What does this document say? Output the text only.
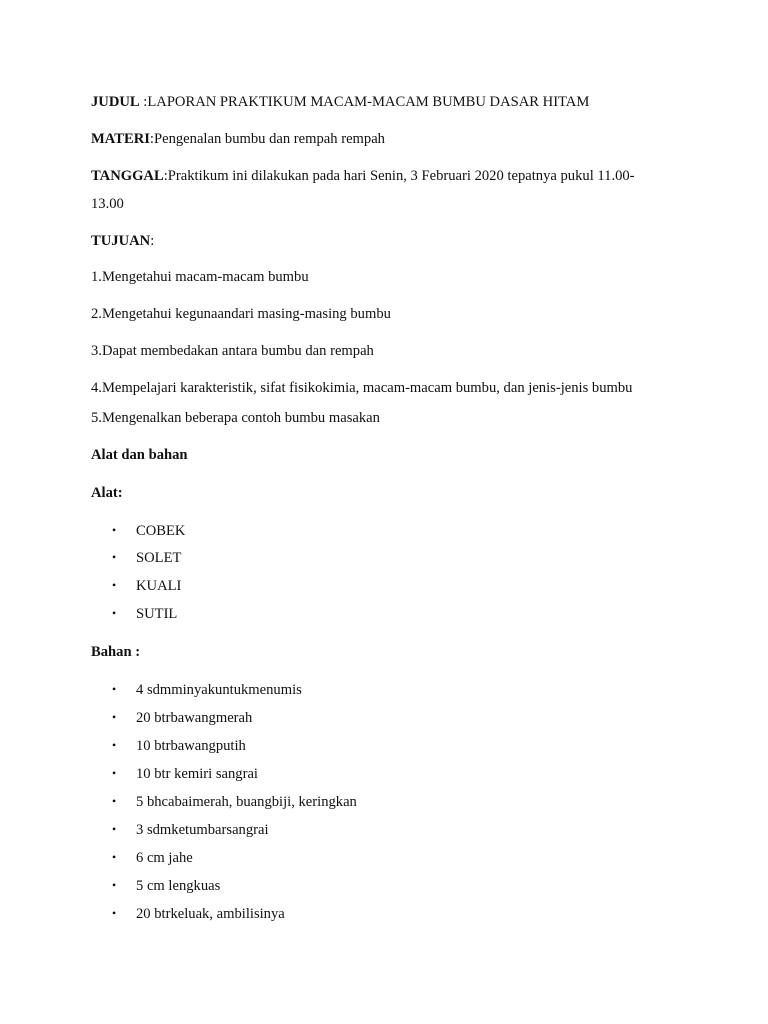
JUDUL :LAPORAN PRAKTIKUM MACAM-MACAM BUMBU DASAR HITAM
MATERI:Pengenalan bumbu dan rempah rempah
TANGGAL:Praktikum ini dilakukan pada hari Senin, 3 Februari 2020 tepatnya pukul 11.00-
13.00
TUJUAN:
1.Mengetahui macam-macam bumbu
2.Mengetahui kegunaandari masing-masing bumbu
3.Dapat membedakan antara bumbu dan rempah
4.Mempelajari karakteristik, sifat fisikokimia, macam-macam bumbu, dan jenis-jenis bumbu
5.Mengenalkan beberapa contoh bumbu masakan
Alat dan bahan
Alat:
• COBEK
• SOLET
• KUALI
• SUTIL
Bahan :
• 4 sdmminyakuntukmenumis
• 20 btrbawangmerah
• 10 btrbawangputih
• 10 btr kemiri sangrai
• 5 bhcabaimerah, buangbiji, keringkan
• 3 sdmketumbarsangrai
• 6 cm jahe
• 5 cm lengkuas
• 20 btrkeluak, ambilisinya
